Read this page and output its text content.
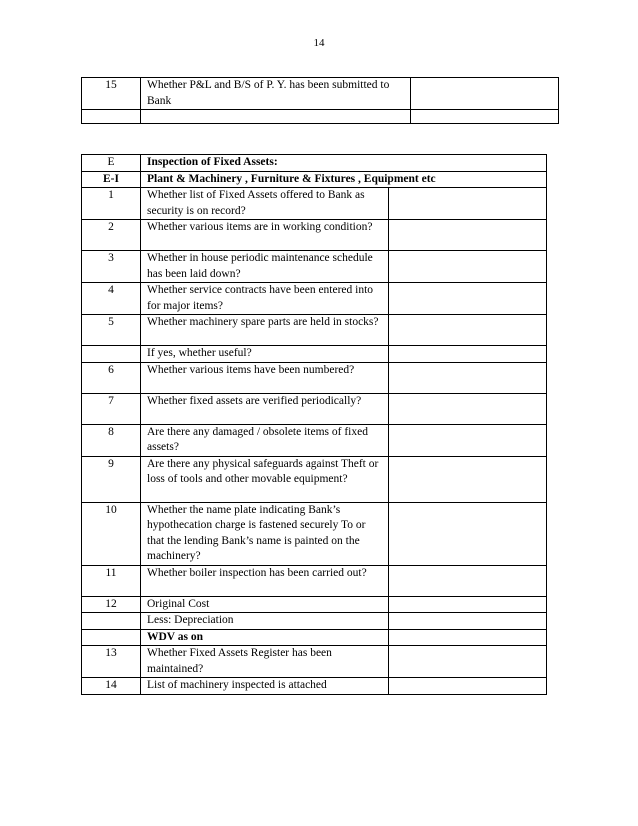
14
15	Whether P&L and B/S of P. Y. has been submitted to Bank	

E	Inspection of Fixed Assets:	
E-I	Plant & Machinery , Furniture & Fixtures , Equipment etc	
1	Whether list of Fixed Assets offered to Bank as security is on record?	
2	Whether various items are in working condition?	
3	Whether in house periodic maintenance schedule has been laid down?	
4	Whether service contracts have been entered into for major items?	
5	Whether machinery spare parts are held in stocks?	
	If yes, whether useful?	
6	Whether various items have been numbered?	
7	Whether fixed assets are verified periodically?	
8	Are there any damaged / obsolete items of fixed assets?	
9	Are there any physical safeguards against Theft or loss of tools and other movable equipment?	
10	Whether the name plate indicating Bank’s hypothecation charge is fastened securely To or that the lending Bank’s name is painted on the machinery?	
11	Whether boiler inspection has been carried out?	
12	Original Cost	
	Less: Depreciation	
	WDV as on	
13	Whether Fixed Assets Register has been maintained?	
14	List of machinery inspected is attached	
